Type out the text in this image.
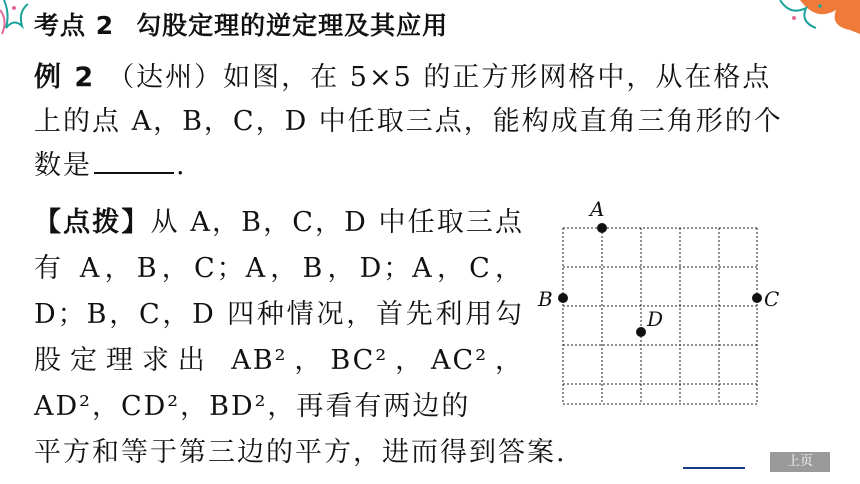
考点 2 勾股定理的逆定理及其应用
例 2 （达州）如图，在 5×5 的正方形网格中，从在格点上的点 A，B，C，D 中任取三点，能构成直角三角形的个数是	.
【点拨】从 A，B，C，D 中任取三点有 A，B，C；A，B，D；A，C，D；B，C，D 四种情况，首先利用勾股定理求出 AB²，BC²，AC²，AD²，CD²，BD²，再看有两边的
平方和等于第三边的平方，进而得到答案.
A
B	C
D
上页
